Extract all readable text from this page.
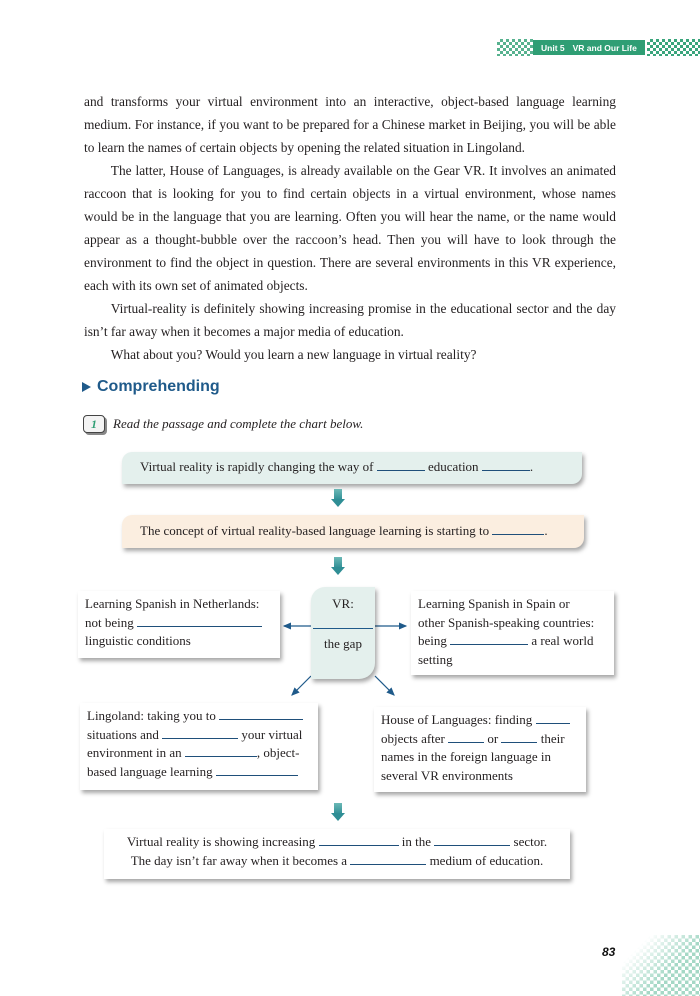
Unit 5 VR and Our Life

and transforms your virtual environment into an interactive, object-based language learning medium. For instance, if you want to be prepared for a Chinese market in Beijing, you will be able to learn the names of certain objects by opening the related situation in Lingoland.

The latter, House of Languages, is already available on the Gear VR. It involves an animated raccoon that is looking for you to find certain objects in a virtual environment, whose names would be in the language that you are learning. Often you will hear the name, or the name would appear as a thought-bubble over the raccoon’s head. Then you will have to look through the environment to find the object in question. There are several environments in this VR experience, each with its own set of animated objects.

Virtual-reality is definitely showing increasing promise in the educational sector and the day isn’t far away when it becomes a major media of education.

What about you? Would you learn a new language in virtual reality?

Comprehending
1	Read the passage and complete the chart below.
Virtual reality is rapidly changing the way of	education	.
The concept of virtual reality-based language learning is starting to	.
Learning Spanish in Netherlands:
not being
linguistic conditions
VR:
the gap
Learning Spanish in Spain or
other Spanish-speaking countries:
being	a real world
setting
Lingoland: taking you to
situations and	your virtual
environment in an	, object-
based language learning
House of Languages: finding
objects after	or	their
names in the foreign language in
several VR environments
Virtual reality is showing increasing	in the	sector.
The day isn’t far away when it becomes a	medium of education.
83
